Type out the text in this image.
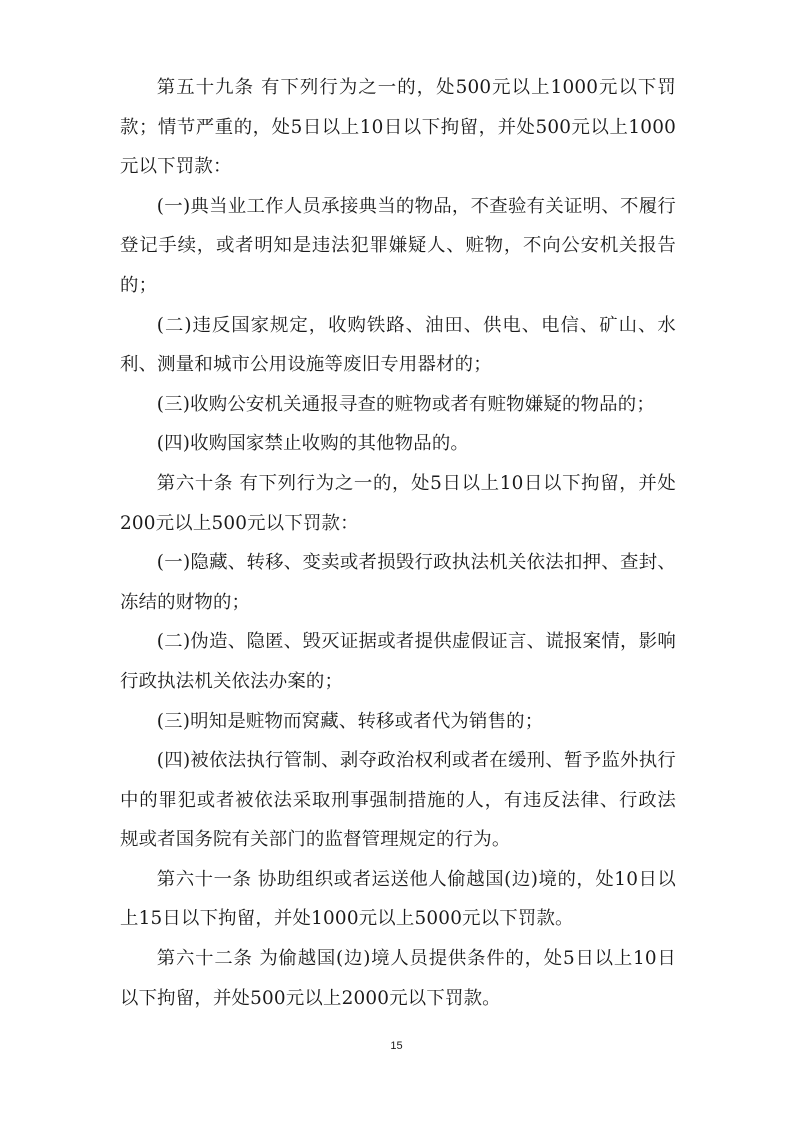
第五十九条 有下列行为之一的，处500元以上1000元以下罚款；情节严重的，处5日以上10日以下拘留，并处500元以上1000元以下罚款：

(一)典当业工作人员承接典当的物品，不查验有关证明、不履行登记手续，或者明知是违法犯罪嫌疑人、赃物，不向公安机关报告的；

(二)违反国家规定，收购铁路、油田、供电、电信、矿山、水利、测量和城市公用设施等废旧专用器材的；

(三)收购公安机关通报寻查的赃物或者有赃物嫌疑的物品的；

(四)收购国家禁止收购的其他物品的。

第六十条 有下列行为之一的，处5日以上10日以下拘留，并处200元以上500元以下罚款：

(一)隐藏、转移、变卖或者损毁行政执法机关依法扣押、查封、冻结的财物的；

(二)伪造、隐匿、毁灭证据或者提供虚假证言、谎报案情，影响行政执法机关依法办案的；

(三)明知是赃物而窝藏、转移或者代为销售的；

(四)被依法执行管制、剥夺政治权利或者在缓刑、暂予监外执行中的罪犯或者被依法采取刑事强制措施的人，有违反法律、行政法规或者国务院有关部门的监督管理规定的行为。

第六十一条 协助组织或者运送他人偷越国(边)境的，处10日以上15日以下拘留，并处1000元以上5000元以下罚款。

第六十二条 为偷越国(边)境人员提供条件的，处5日以上10日以下拘留，并处500元以上2000元以下罚款。

15
